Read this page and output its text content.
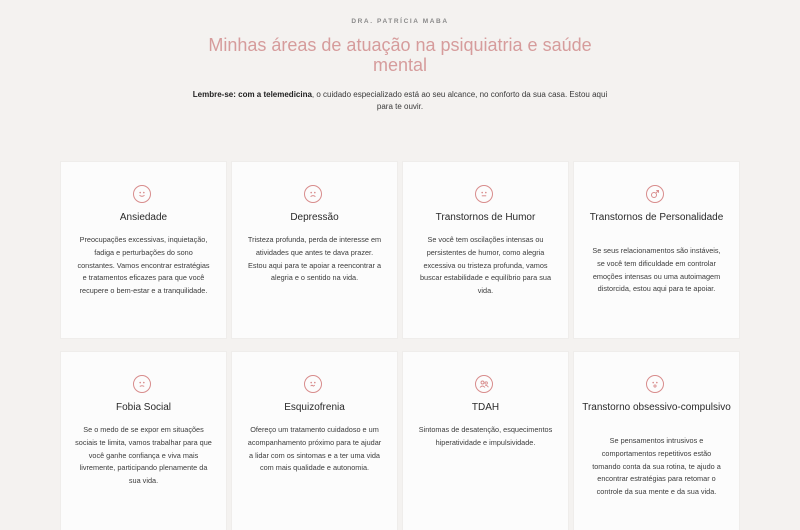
DRA. PATRÍCIA MABA
Minhas áreas de atuação na psiquiatria e saúde mental
Lembre-se: com a telemedicina, o cuidado especializado está ao seu alcance, no conforto da sua casa. Estou aqui para te ouvir.
Ansiedade
Preocupações excessivas, inquietação, fadiga e perturbações do sono constantes. Vamos encontrar estratégias e tratamentos eficazes para que você recupere o bem-estar e a tranquilidade.
Depressão
Tristeza profunda, perda de interesse em atividades que antes te dava prazer. Estou aqui para te apoiar a reencontrar a alegria e o sentido na vida.
Transtornos de Humor
Se você tem oscilações intensas ou persistentes de humor, como alegria excessiva ou tristeza profunda, vamos buscar estabilidade e equilíbrio para sua vida.
Transtornos de Personalidade
Se seus relacionamentos são instáveis, se você tem dificuldade em controlar emoções intensas ou uma autoimagem distorcida, estou aqui para te apoiar.
Fobia Social
Se o medo de se expor em situações sociais te limita, vamos trabalhar para que você ganhe confiança e viva mais livremente, participando plenamente da sua vida.
Esquizofrenia
Ofereço um tratamento cuidadoso e um acompanhamento próximo para te ajudar a lidar com os sintomas e a ter uma vida com mais qualidade e autonomia.
TDAH
Sintomas de desatenção, esquecimentos hiperatividade e impulsividade.
Transtorno obsessivo-compulsivo
Se pensamentos intrusivos e comportamentos repetitivos estão tomando conta da sua rotina, te ajudo a encontrar estratégias para retomar o controle da sua mente e da sua vida.
